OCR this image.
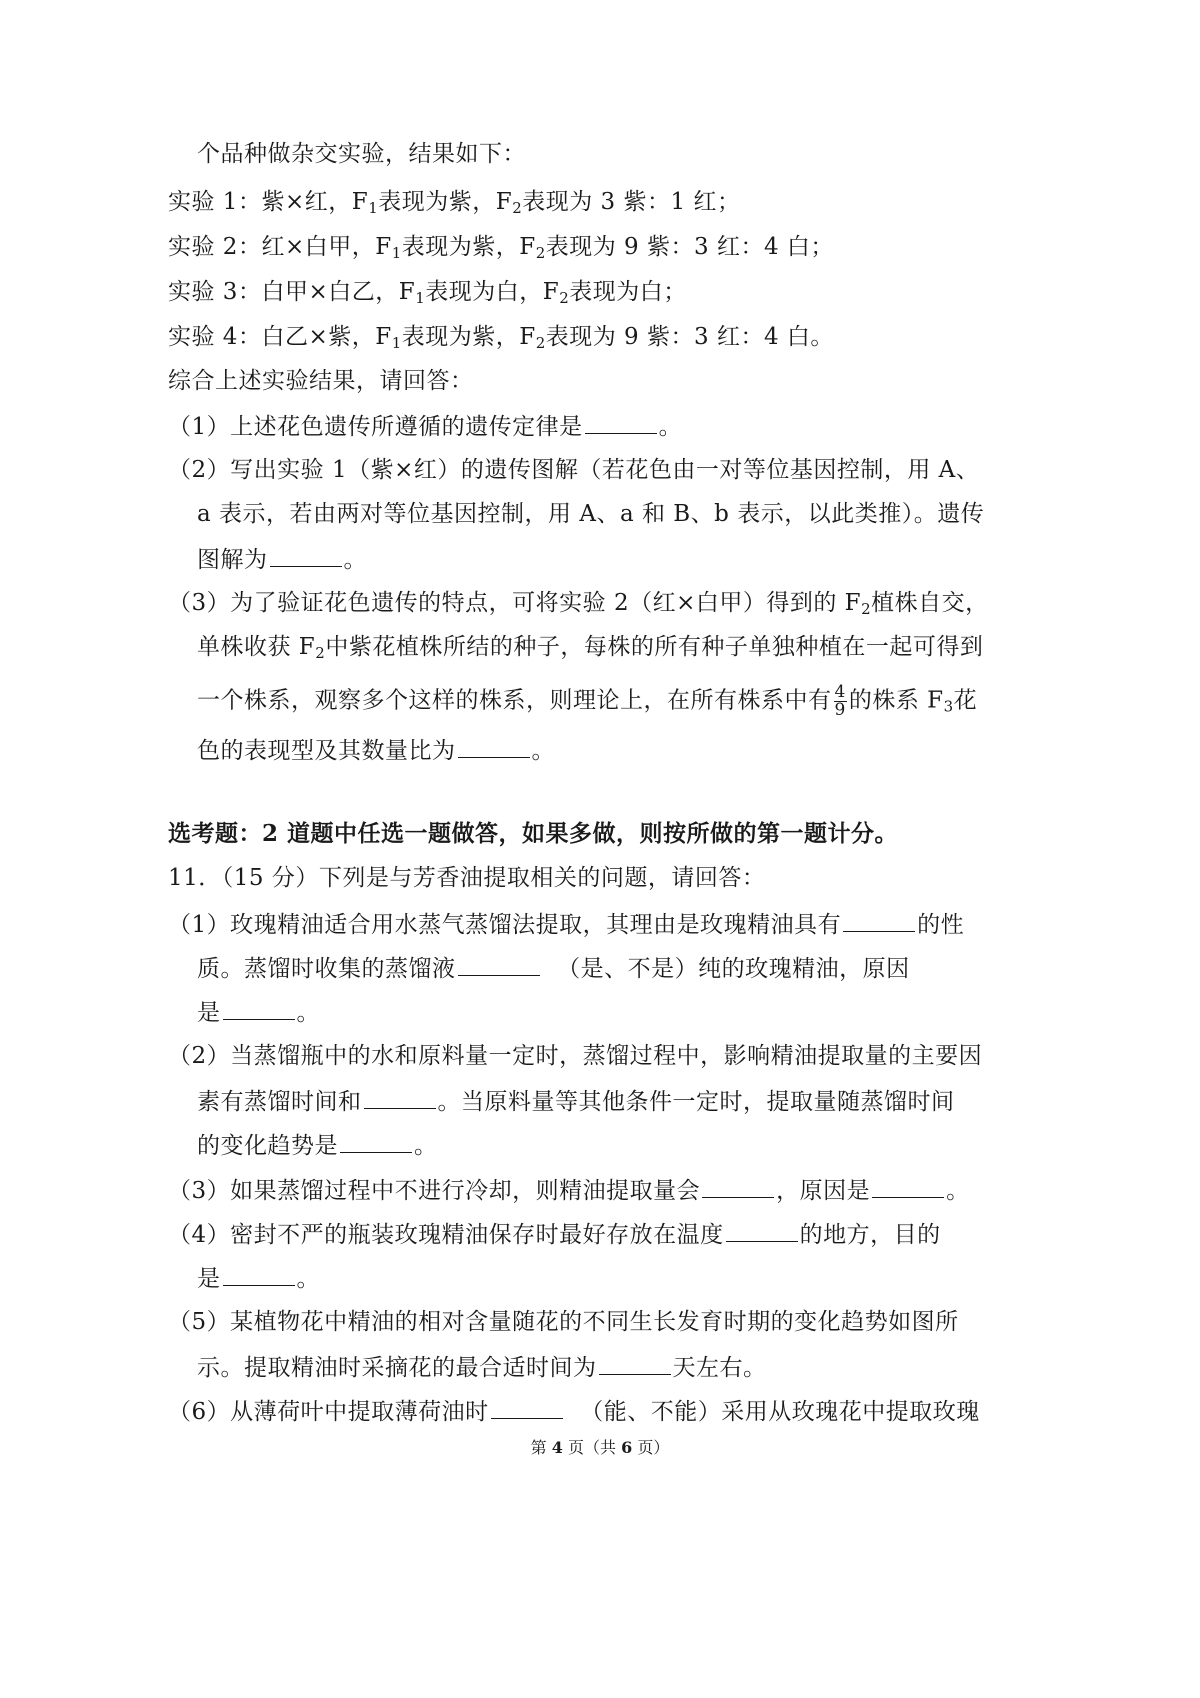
个品种做杂交实验，结果如下：
实验 1：紫×红，$F_1$表现为紫，$F_2$表现为 3 紫：1 红；
实验 2：红×白甲，$F_1$表现为紫，$F_2$表现为 9 紫：3 红：4 白；
实验 3：白甲×白乙，$F_1$表现为白，$F_2$表现为白；
实验 4：白乙×紫，$F_1$表现为紫，$F_2$表现为 9 紫：3 红：4 白。
综合上述实验结果，请回答：
（1）上述花色遗传所遵循的遗传定律是	。
（2）写出实验 1（紫×红）的遗传图解（若花色由一对等位基因控制，用 A、
a 表示，若由两对等位基因控制，用 A、a 和 B、b 表示，以此类推）。遗传
图解为	。
（3）为了验证花色遗传的特点，可将实验 2（红×白甲）得到的 $F_2$植株自交，
单株收获 $F_2$中紫花植株所结的种子，每株的所有种子单独种植在一起可得到
一个株系，观察多个这样的株系，则理论上，在所有株系中有 $\frac{4}{9}$ 的株系 $F_3$花
色的表现型及其数量比为	。
选考题：2 道题中任选一题做答，如果多做，则按所做的第一题计分。
11．（15 分）下列是与芳香油提取相关的问题，请回答：
（1）玫瑰精油适合用水蒸气蒸馏法提取，其理由是玫瑰精油具有	的性
质。蒸馏时收集的蒸馏液	（是、不是）纯的玫瑰精油，原因
是	。
（2）当蒸馏瓶中的水和原料量一定时，蒸馏过程中，影响精油提取量的主要因
素有蒸馏时间和	。当原料量等其他条件一定时，提取量随蒸馏时间
的变化趋势是	。
（3）如果蒸馏过程中不进行冷却，则精油提取量会	，原因是	。
（4）密封不严的瓶装玫瑰精油保存时最好存放在温度	的地方，目的
是	。
（5）某植物花中精油的相对含量随花的不同生长发育时期的变化趋势如图所
示。提取精油时采摘花的最合适时间为	天左右。
（6）从薄荷叶中提取薄荷油时	（能、不能）采用从玫瑰花中提取玫瑰
第 4 页（共 6 页）
